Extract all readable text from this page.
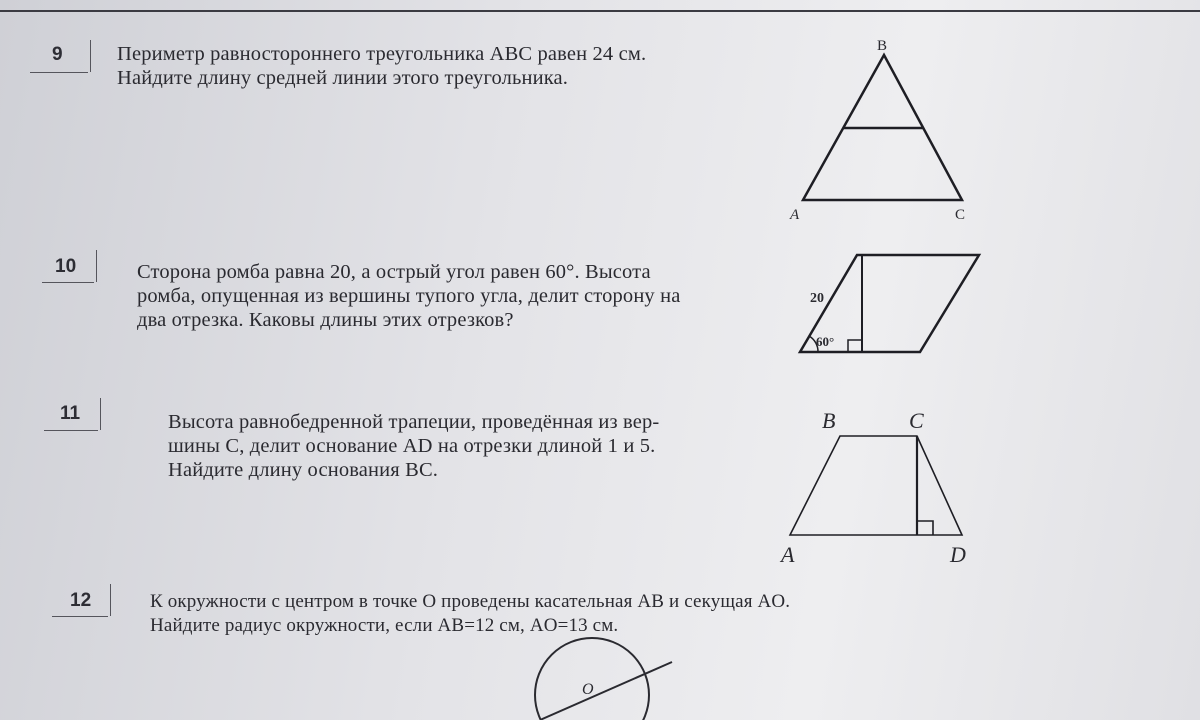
9	Периметр равностороннего треугольника ABC равен 24 см.
Найдите длину средней линии этого треугольника.
10	Сторона ромба равна 20, а острый угол равен 60°. Высота
ромба, опущенная из вершины тупого угла, делит сторону на
два отрезка. Каковы длины этих отрезков?
11	Высота равнобедренной трапеции, проведённая из вер-
шины C, делит основание AD на отрезки длиной 1 и 5.
Найдите длину основания BC.
12	К окружности с центром в точке O проведены касательная AB и секущая AO.
Найдите радиус окружности, если AB=12 см, AO=13 см.
B
A	C
20
60°
B	C
A	D
O
